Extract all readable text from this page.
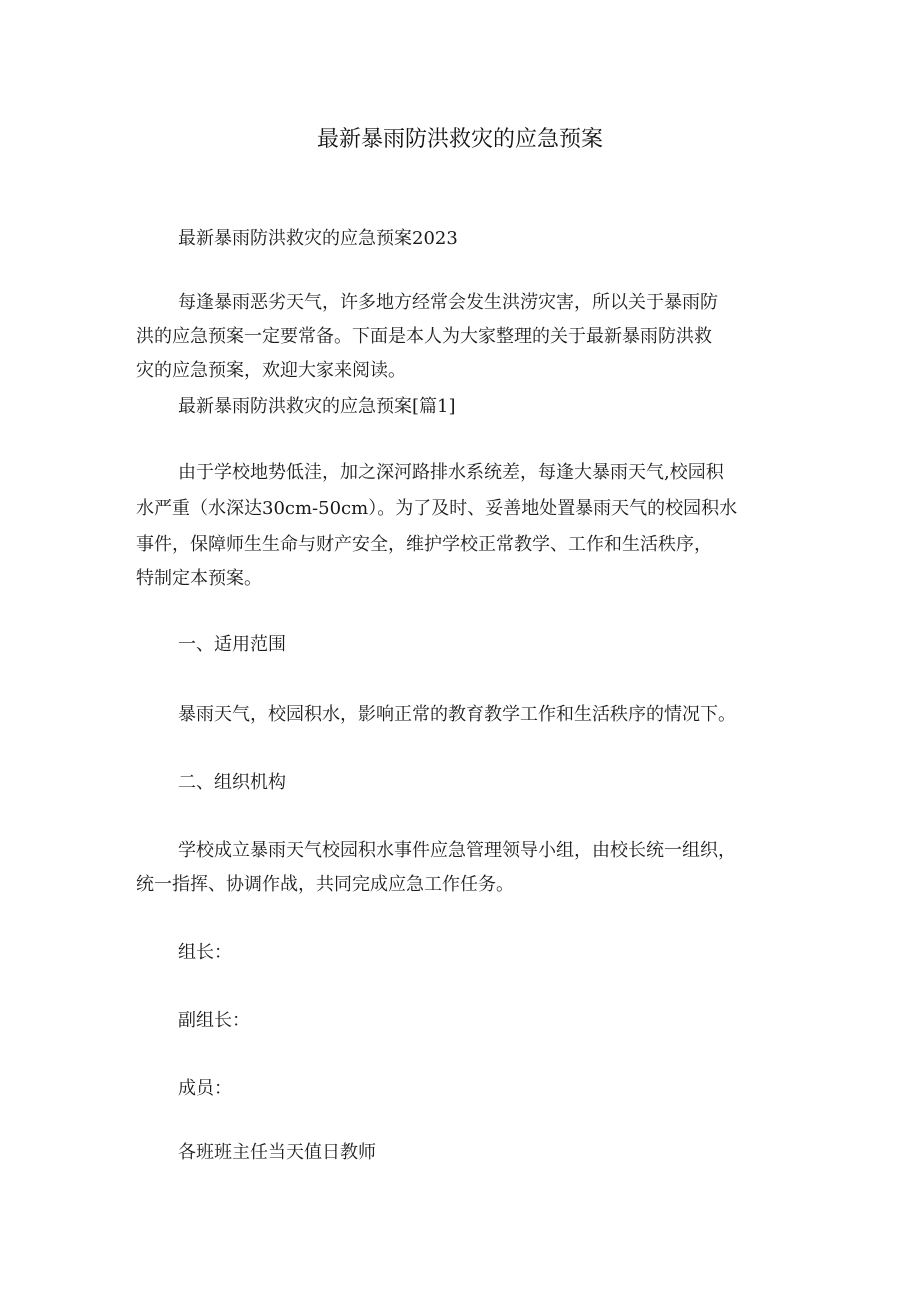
最新暴雨防洪救灾的应急预案
最新暴雨防洪救灾的应急预案2023
每逢暴雨恶劣天气，许多地方经常会发生洪涝灾害，所以关于暴雨防
洪的应急预案一定要常备。下面是本人为大家整理的关于最新暴雨防洪救
灾的应急预案，欢迎大家来阅读。
最新暴雨防洪救灾的应急预案[篇1]
由于学校地势低洼，加之深河路排水系统差，每逢大暴雨天气,校园积
水严重（水深达30cm-50cm）。为了及时、妥善地处置暴雨天气的校园积水
事件，保障师生生命与财产安全，维护学校正常教学、工作和生活秩序，
特制定本预案。
一、适用范围
暴雨天气，校园积水，影响正常的教育教学工作和生活秩序的情况下。
二、组织机构
学校成立暴雨天气校园积水事件应急管理领导小组，由校长统一组织，
统一指挥、协调作战，共同完成应急工作任务。
组长：
副组长：
成员：
各班班主任当天值日教师
